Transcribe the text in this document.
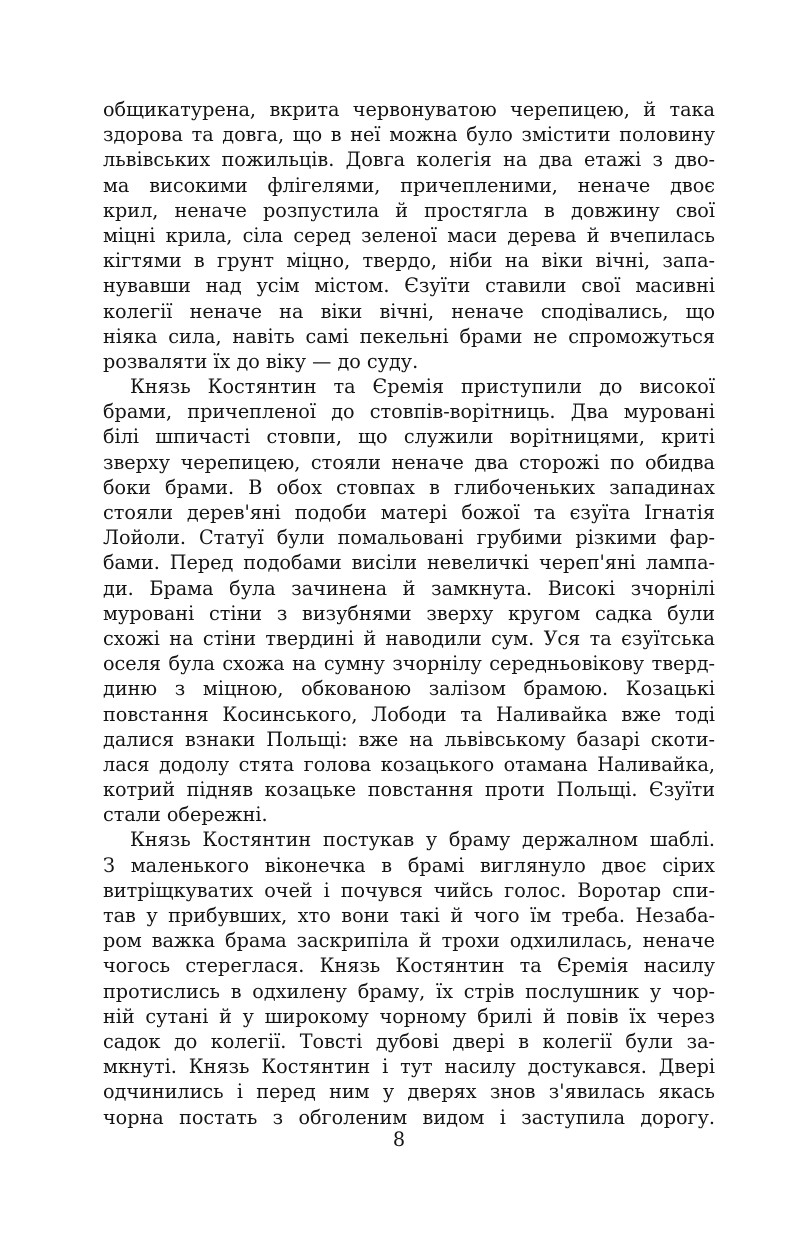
общикатурена, вкрита червонуватою черепицею, й така
здорова та довга, що в неї можна було змістити половину
львівських пожильців. Довга колегія на два етажі з дво-
ма високими флігелями, причепленими, неначе двоє
крил, неначе розпустила й простягла в довжину свої
міцні крила, сіла серед зеленої маси дерева й вчепилась
кігтями в грунт міцно, твердо, ніби на віки вічні, запа-
нувавши над усім містом. Єзуїти ставили свої масивні
колегії неначе на віки вічні, неначе сподівались, що
ніяка сила, навіть самі пекельні брами не спроможуться
розваляти їх до віку — до суду.
Князь Костянтин та Єремія приступили до високої
брами, причепленої до стовпів-ворітниць. Два муровані
білі шпичасті стовпи, що служили ворітницями, криті
зверху черепицею, стояли неначе два сторожі по обидва
боки брами. В обох стовпах в глибоченьких западинах
стояли дерев'яні подоби матері божої та єзуїта Ігнатія
Лойоли. Статуї були помальовані грубими різкими фар-
бами. Перед подобами висіли невеличкі череп'яні лампа-
ди. Брама була зачинена й замкнута. Високі зчорнілі
муровані стіни з визубнями зверху кругом садка були
схожі на стіни твердині й наводили сум. Уся та єзуїтська
оселя була схожа на сумну зчорнілу середньовікову тверд-
диню з міцною, обкованою залізом брамою. Козацькі
повстання Косинського, Лободи та Наливайка вже тоді
далися взнаки Польщі: вже на львівському базарі скоти-
лася додолу стята голова козацького отамана Наливайка,
котрий підняв козацьке повстання проти Польщі. Єзуїти
стали обережні.
Князь Костянтин постукав у браму держалном шаблі.
З маленького віконечка в брамі виглянуло двоє сірих
витріщкуватих очей і почувся чийсь голос. Воротар спи-
тав у прибувших, хто вони такі й чого їм треба. Незаба-
ром важка брама заскрипіла й трохи одхилилась, неначе
чогось стереглася. Князь Костянтин та Єремія насилу
протислись в одхилену браму, їх стрів послушник у чор-
ній сутані й у широкому чорному брилі й повів їх через
садок до колегії. Товсті дубові двері в колегії були за-
мкнуті. Князь Костянтин і тут насилу достукався. Двері
одчинились і перед ним у дверях знов з'явилась якась
чорна постать з обголеним видом і заступила дорогу.
8
